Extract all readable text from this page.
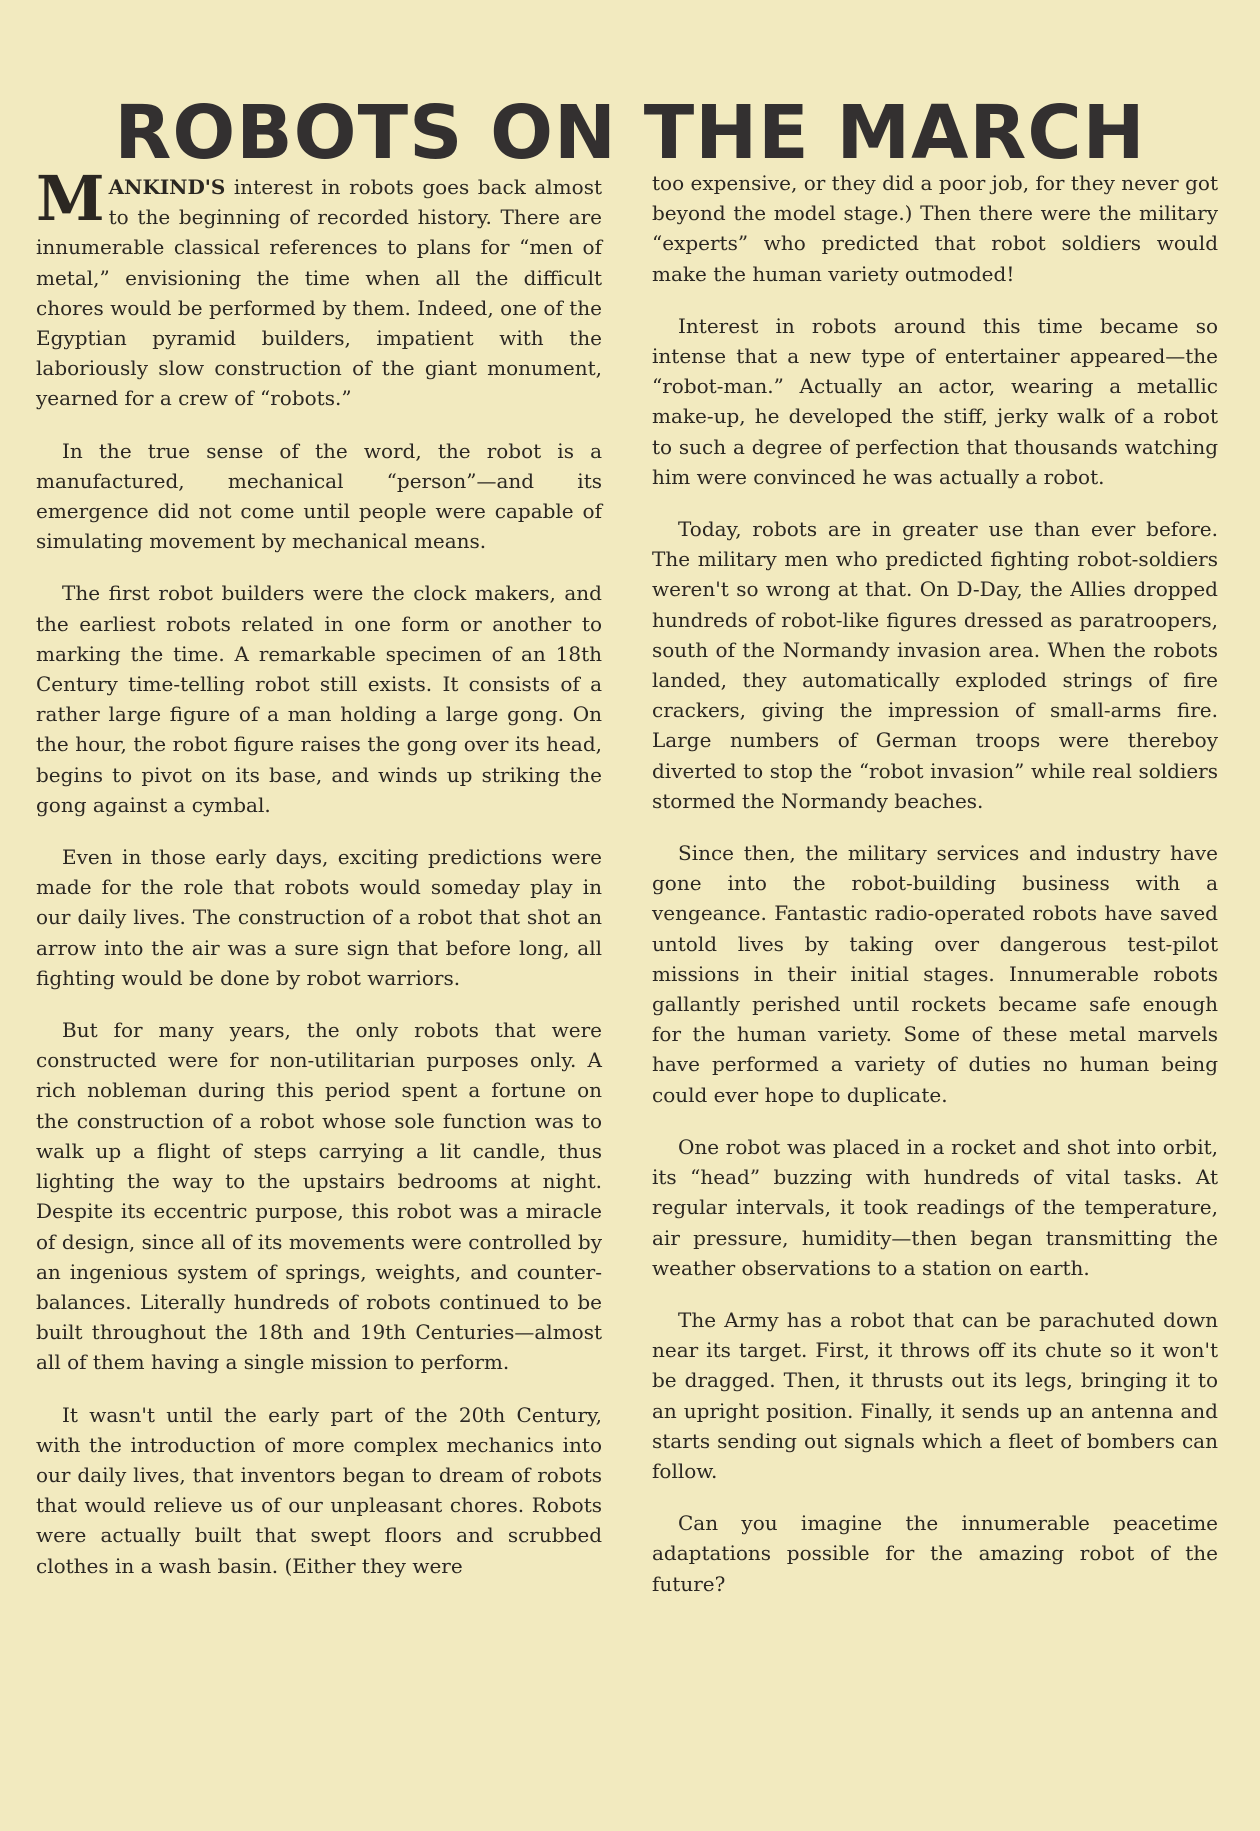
ROBOTS ON THE MARCH

MANKIND'S interest in robots goes back almost to the beginning of recorded history. There are innumerable classical references to plans for “men of metal,” envisioning the time when all the difficult chores would be performed by them. Indeed, one of the Egyptian pyramid builders, impatient with the laboriously slow construction of the giant monument, yearned for a crew of “robots.”

In the true sense of the word, the robot is a manufactured, mechanical “person”—and its emergence did not come until people were capable of simulating movement by mechanical means.

The first robot builders were the clock makers, and the earliest robots related in one form or another to marking the time. A remarkable specimen of an 18th Century time-telling robot still exists. It consists of a rather large figure of a man holding a large gong. On the hour, the robot figure raises the gong over its head, begins to pivot on its base, and winds up striking the gong against a cymbal.

Even in those early days, exciting predictions were made for the role that robots would someday play in our daily lives. The construction of a robot that shot an arrow into the air was a sure sign that before long, all fighting would be done by robot warriors.

But for many years, the only robots that were constructed were for non-utilitarian purposes only. A rich nobleman during this period spent a fortune on the construction of a robot whose sole function was to walk up a flight of steps carrying a lit candle, thus lighting the way to the upstairs bedrooms at night. Despite its eccentric purpose, this robot was a miracle of design, since all of its movements were controlled by an ingenious system of springs, weights, and counter-balances. Literally hundreds of robots continued to be built throughout the 18th and 19th Centuries—almost all of them having a single mission to perform.

It wasn't until the early part of the 20th Century, with the introduction of more complex mechanics into our daily lives, that inventors began to dream of robots that would relieve us of our unpleasant chores. Robots were actually built that swept floors and scrubbed clothes in a wash basin. (Either they were

too expensive, or they did a poor job, for they never got beyond the model stage.) Then there were the military “experts” who predicted that robot soldiers would make the human variety outmoded!

Interest in robots around this time became so intense that a new type of entertainer appeared—the “robot-man.” Actually an actor, wearing a metallic make-up, he developed the stiff, jerky walk of a robot to such a degree of perfection that thousands watching him were convinced he was actually a robot.

Today, robots are in greater use than ever before. The military men who predicted fighting robot-soldiers weren't so wrong at that. On D-Day, the Allies dropped hundreds of robot-like figures dressed as paratroopers, south of the Normandy invasion area. When the robots landed, they automatically exploded strings of fire crackers, giving the impression of small-arms fire. Large numbers of German troops were thereboy diverted to stop the “robot invasion” while real soldiers stormed the Normandy beaches.

Since then, the military services and industry have gone into the robot-building business with a vengeance. Fantastic radio-operated robots have saved untold lives by taking over dangerous test-pilot missions in their initial stages. Innumerable robots gallantly perished until rockets became safe enough for the human variety. Some of these metal marvels have performed a variety of duties no human being could ever hope to duplicate.

One robot was placed in a rocket and shot into orbit, its “head” buzzing with hundreds of vital tasks. At regular intervals, it took readings of the temperature, air pressure, humidity—then began transmitting the weather observations to a station on earth.

The Army has a robot that can be parachuted down near its target. First, it throws off its chute so it won't be dragged. Then, it thrusts out its legs, bringing it to an upright position. Finally, it sends up an antenna and starts sending out signals which a fleet of bombers can follow.

Can you imagine the innumerable peacetime adaptations possible for the amazing robot of the future?
